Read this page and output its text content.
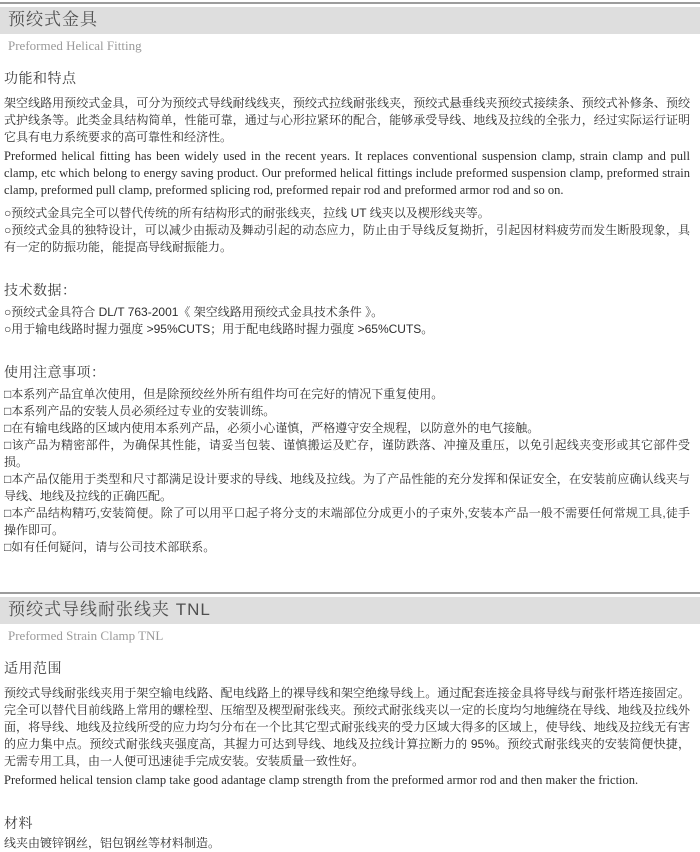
预绞式金具
Preformed Helical Fitting
功能和特点

架空线路用预绞式金具，可分为预绞式导线耐线线夹，预绞式拉线耐张线夹，预绞式悬垂线夹预绞式接续条、预绞式补修条、预绞式护线条等。此类金具结构简单，性能可靠，通过与心形拉紧环的配合，能够承受导线、地线及拉线的全张力，经过实际运行证明它具有电力系统要求的高可靠性和经济性。

Preformed helical fitting has been widely used in the recent years. It replaces conventional suspension clamp, strain clamp and pull clamp, etc which belong to energy saving product. Our preformed helical fittings include preformed suspension clamp, preformed strain clamp, preformed pull clamp, preformed splicing rod, preformed repair rod and preformed armor rod and so on.

○预绞式金具完全可以替代传统的所有结构形式的耐张线夹，拉线 UT 线夹以及楔形线夹等。

○预绞式金具的独特设计，可以减少由振动及舞动引起的动态应力，防止由于导线反复拗折，引起因材料疲劳而发生断股现象，具有一定的防振功能，能提高导线耐振能力。

技术数据：

○预绞式金具符合 DL/T 763-2001《 架空线路用预绞式金具技术条件 》。

○用于输电线路时握力强度 >95%CUTS；用于配电线路时握力强度 >65%CUTS。

使用注意事项：

□本系列产品宜单次使用，但是除预绞丝外所有组件均可在完好的情况下重复使用。

□本系列产品的安装人员必须经过专业的安装训练。

□在有输电线路的区域内使用本系列产品，必须小心谨慎，严格遵守安全规程，以防意外的电气接触。

□该产品为精密部件，为确保其性能，请妥当包装、谨慎搬运及贮存，谨防跌落、冲撞及重压，以免引起线夹变形或其它部件受损。

□本产品仅能用于类型和尺寸都满足设计要求的导线、地线及拉线。为了产品性能的充分发挥和保证安全，在安装前应确认线夹与导线、地线及拉线的正确匹配。

□本产品结构精巧,安装简便。除了可以用平口起子将分支的末端部位分成更小的子束外,安装本产品一般不需要任何常规工具,徒手操作即可。

□如有任何疑问，请与公司技术部联系。

预绞式导线耐张线夹 TNL
Preformed Strain Clamp TNL
适用范围

预绞式导线耐张线夹用于架空输电线路、配电线路上的裸导线和架空绝缘导线上。通过配套连接金具将导线与耐张杆塔连接固定。完全可以替代目前线路上常用的螺栓型、压缩型及楔型耐张线夹。预绞式耐张线夹以一定的长度均匀地缠绕在导线、地线及拉线外面，将导线、地线及拉线所受的应力均匀分布在一个比其它型式耐张线夹的受力区域大得多的区域上，使导线、地线及拉线无有害的应力集中点。预绞式耐张线夹强度高，其握力可达到导线、地线及拉线计算拉断力的 95%。预绞式耐张线夹的安装简便快捷，无需专用工具，由一人便可迅速徒手完成安装。安装质量一致性好。

Preformed helical tension clamp take good adantage clamp strength from the preformed armor rod and then maker the friction.

材料

线夹由镀锌钢丝，铝包钢丝等材料制造。
